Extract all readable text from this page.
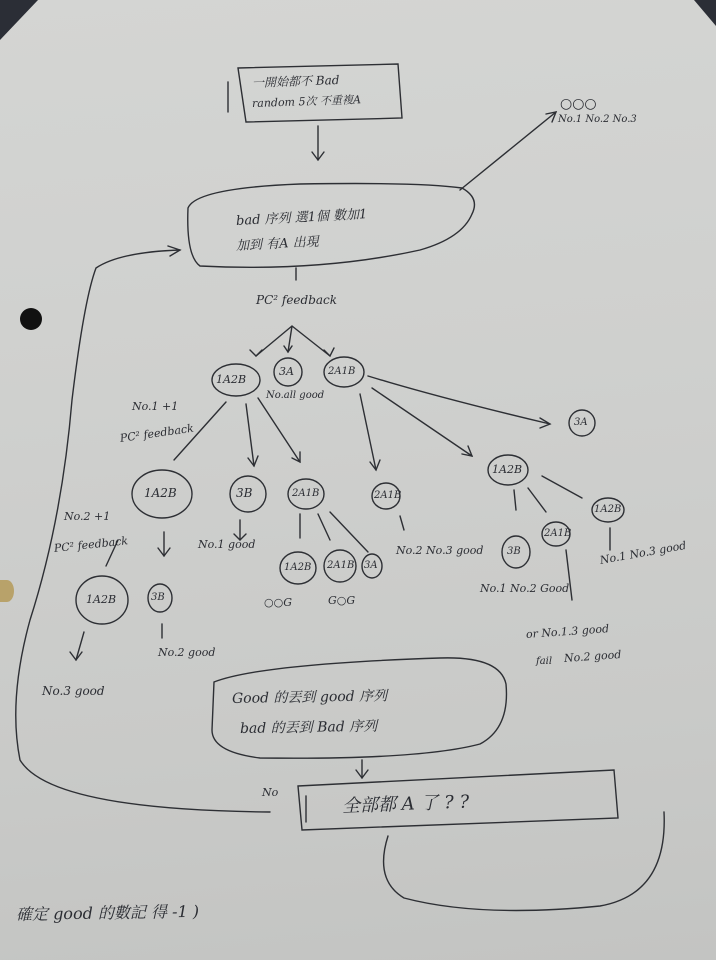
一開始都不 Bad
random 5次 不重複A	○○○
No.1 No.2 No.3
bad 序列 選1個 數加1
加到 有A 出現
PC² feedback
1A2B
3A	2A1B
No.all good
No.1 +1
PC² feedback
No.2 +1
PC² feedback
1A2B	3B	2A1B	2A1B
1A2B
3A
1A2B	3B
1A2B 2A1B 3A
3B
2A1B
1A2B
No.1 good	No.2 No.3 good	No.1 No.3 good
No.1 No.2 Good
○○G	G○G
or No.1.3 good
fail No.2 good
No.2 good
No.3 good	Good 的丟到 good 序列
bad 的丟到 Bad 序列
No	全部都 A 了 ? ?
確定 good 的數記 得 -1 )
